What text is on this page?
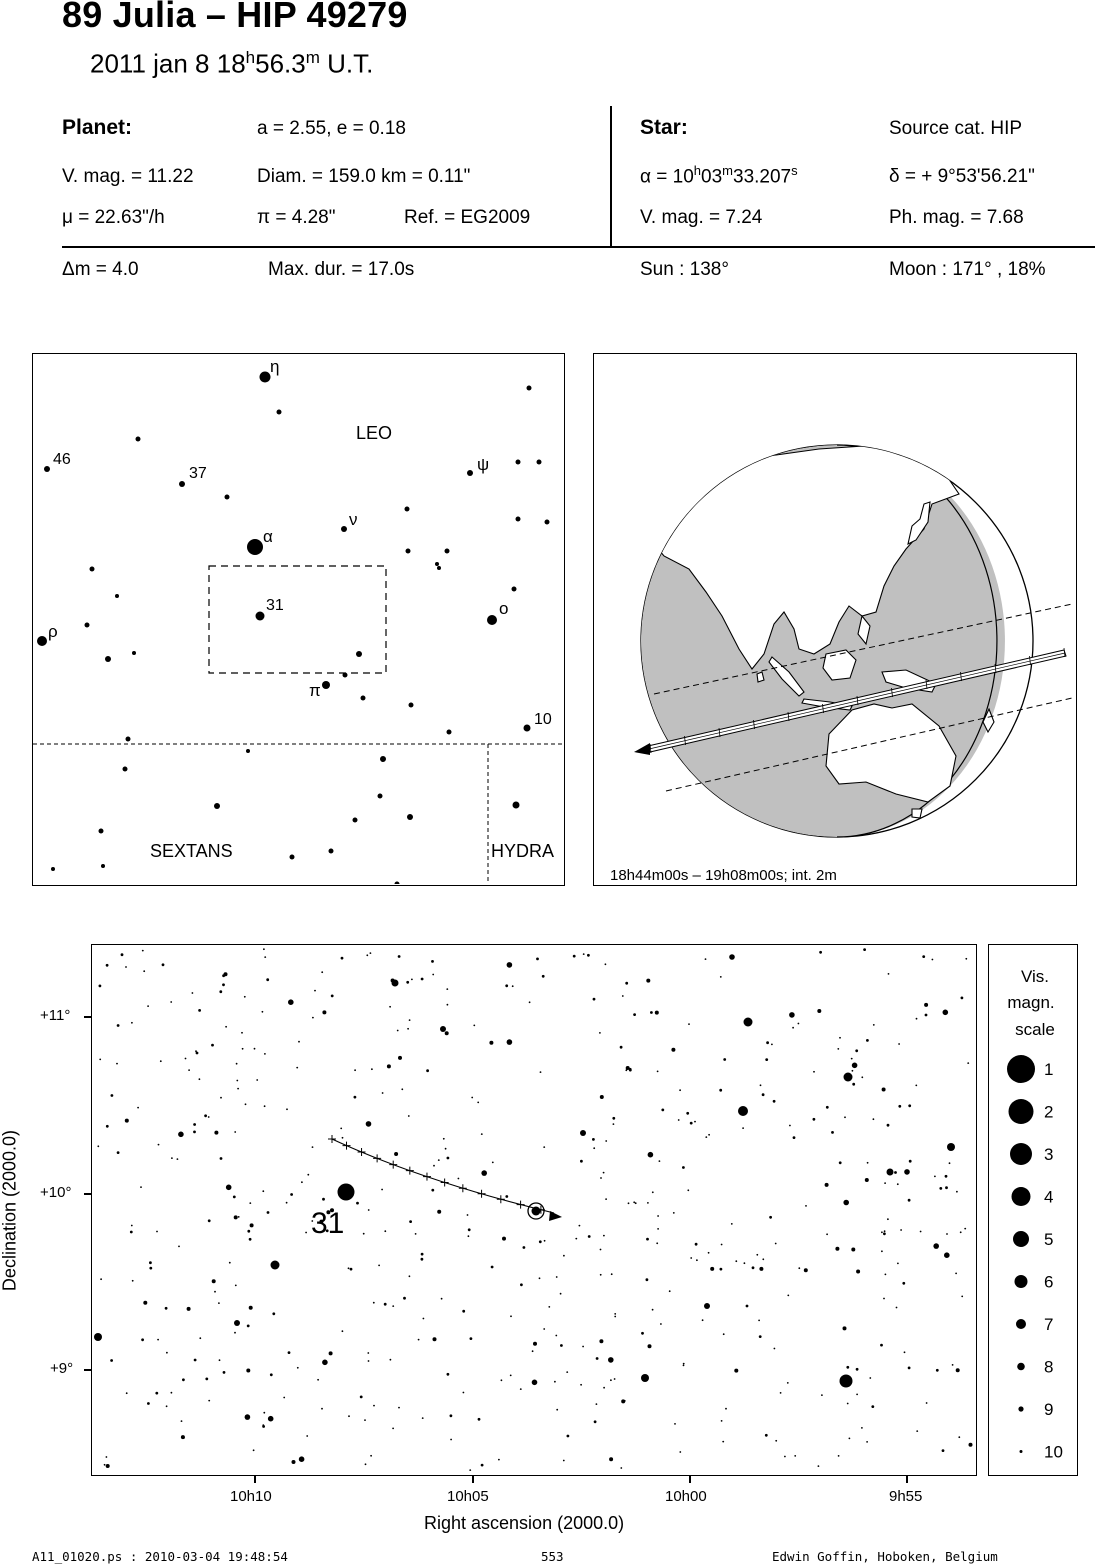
89 Julia – HIP 49279
2011 jan 8 18$^h$56.3$^m$ U.T.
Planet:	a = 2.55, e = 0.18
V. mag. = 11.22	Diam. = 159.0 km = 0.11"
μ = 22.63"/h	π = 4.28"	Ref. = EG2009
Star:	Source cat. HIP
$\alpha = 10^h03^m33.207^s$	δ = + 9°53'56.21"
V. mag. = 7.24	Ph. mag. = 7.68
Δm = 4.0	Max. dur. = 17.0s	Sun : 138°	Moon : 171° , 18%
LEO
SEXTANS	HYDRA
η
46
37	ψ
ν
α
31	ο
ρ
π
10
18h44m00s – 19h08m00s; int. 2m
31
+11°
+10°
+9°
10h10	10h05	10h00	9h55
Right ascension (2000.0)
Declination (2000.0)
Vis.
magn.
scale
1
2
3
4
5
6
7
8
9
10
A11_01020.ps : 2010-03-04 19:48:54	553	Edwin Goffin, Hoboken, Belgium
